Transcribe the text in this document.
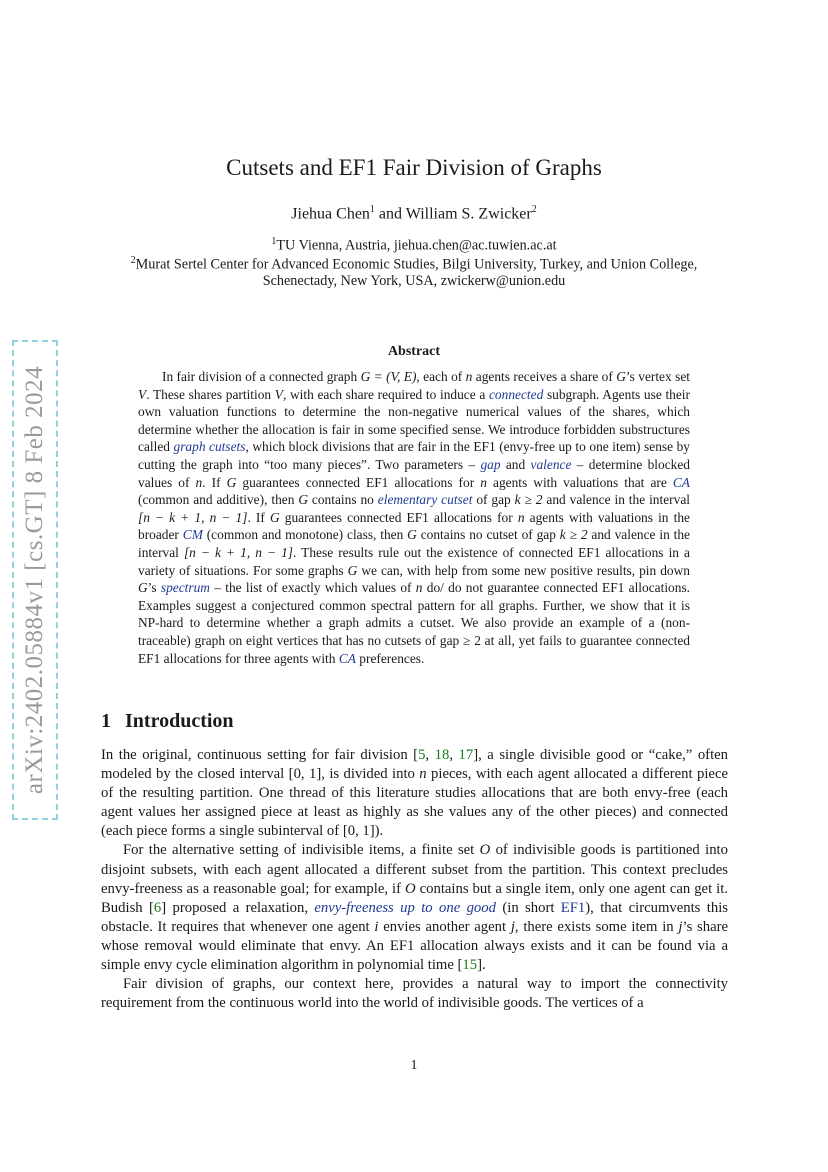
arXiv:2402.05884v1 [cs.GT] 8 Feb 2024
Cutsets and EF1 Fair Division of Graphs
Jiehua Chen$^1$ and William S. Zwicker$^2$
$^1$TU Vienna, Austria, jiehua.chen@ac.tuwien.ac.at
$^2$Murat Sertel Center for Advanced Economic Studies, Bilgi University, Turkey, and Union College,
Schenectady, New York, USA, zwickerw@union.edu
Abstract
In fair division of a connected graph G = (V, E), each of n agents receives a share of G’s vertex set V. These shares partition V, with each share required to induce a connected subgraph. Agents use their own valuation functions to determine the non-negative numerical values of the shares, which determine whether the allocation is fair in some specified sense. We introduce forbidden substructures called graph cutsets, which block divisions that are fair in the EF1 (envy-free up to one item) sense by cutting the graph into “too many pieces”. Two parameters – gap and valence – determine blocked values of n. If G guarantees connected EF1 allocations for n agents with valuations that are CA (common and additive), then G contains no elementary cutset of gap k ≥ 2 and valence in the interval [n − k + 1, n − 1]. If G guarantees connected EF1 allocations for n agents with valuations in the broader CM (common and monotone) class, then G contains no cutset of gap k ≥ 2 and valence in the interval [n − k + 1, n − 1]. These results rule out the existence of connected EF1 allocations in a variety of situations. For some graphs G we can, with help from some new positive results, pin down G’s spectrum – the list of exactly which values of n do/ do not guarantee connected EF1 allocations. Examples suggest a conjectured common spectral pattern for all graphs. Further, we show that it is NP-hard to determine whether a graph admits a cutset. We also provide an example of a (non-traceable) graph on eight vertices that has no cutsets of gap ≥ 2 at all, yet fails to guarantee connected EF1 allocations for three agents with CA preferences.
1 Introduction

In the original, continuous setting for fair division [5, 18, 17], a single divisible good or “cake,” often modeled by the closed interval [0, 1], is divided into n pieces, with each agent allocated a different piece of the resulting partition. One thread of this literature studies allocations that are both envy-free (each agent values her assigned piece at least as highly as she values any of the other pieces) and connected (each piece forms a single subinterval of [0, 1]).

For the alternative setting of indivisible items, a finite set O of indivisible goods is partitioned into disjoint subsets, with each agent allocated a different subset from the partition. This context precludes envy-freeness as a reasonable goal; for example, if O contains but a single item, only one agent can get it. Budish [6] proposed a relaxation, envy-freeness up to one good (in short EF1), that circumvents this obstacle. It requires that whenever one agent i envies another agent j, there exists some item in j’s share whose removal would eliminate that envy. An EF1 allocation always exists and it can be found via a simple envy cycle elimination algorithm in polynomial time [15].

Fair division of graphs, our context here, provides a natural way to import the connectivity requirement from the continuous world into the world of indivisible goods. The vertices of a

1
